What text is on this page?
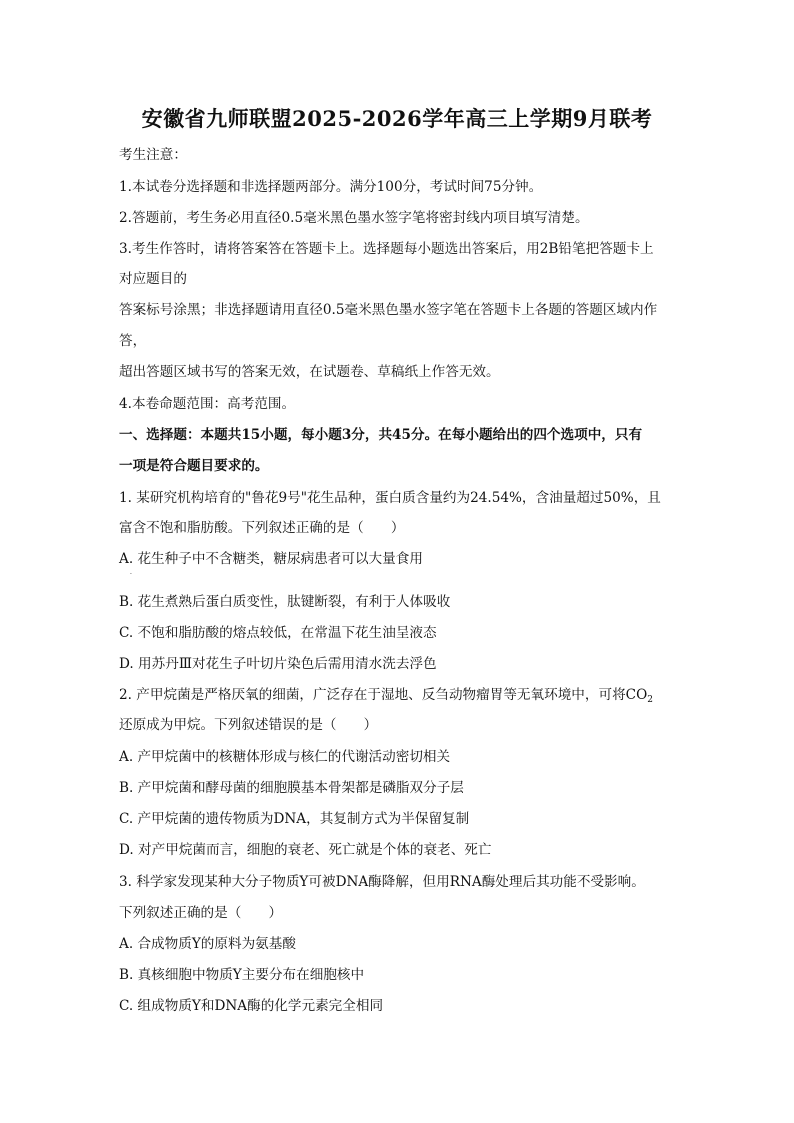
安徽省九师联盟2025-2026学年高三上学期9月联考
考生注意：
1.本试卷分选择题和非选择题两部分。满分100分，考试时间75分钟。
2.答题前，考生务必用直径0.5毫米黑色墨水签字笔将密封线内项目填写清楚。
3.考生作答时，请将答案答在答题卡上。选择题每小题选出答案后，用2B铅笔把答题卡上
对应题目的
答案标号涂黑；非选择题请用直径0.5毫米黑色墨水签字笔在答题卡上各题的答题区域内作
答，
超出答题区域书写的答案无效，在试题卷、草稿纸上作答无效。
4.本卷命题范围：高考范围。
一、选择题：本题共15小题，每小题3分，共45分。在每小题给出的四个选项中，只有
一项是符合题目要求的。
1. 某研究机构培育的"鲁花9号"花生品种，蛋白质含量约为24.54%，含油量超过50%，且
富含不饱和脂肪酸。下列叙述正确的是（　　）
A. 花生种子中不含糖类，糖尿病患者可以大量食用
·
B. 花生煮熟后蛋白质变性，肽键断裂，有利于人体吸收
C. 不饱和脂肪酸的熔点较低，在常温下花生油呈液态
D. 用苏丹Ⅲ对花生子叶切片染色后需用清水洗去浮色
2. 产甲烷菌是严格厌氧的细菌，广泛存在于湿地、反刍动物瘤胃等无氧环境中，可将$CO_2$
还原成为甲烷。下列叙述错误的是（　　）
A. 产甲烷菌中的核糖体形成与核仁的代谢活动密切相关
B. 产甲烷菌和酵母菌的细胞膜基本骨架都是磷脂双分子层
C. 产甲烷菌的遗传物质为DNA，其复制方式为半保留复制
D. 对产甲烷菌而言，细胞的衰老、死亡就是个体的衰老、死亡
3. 科学家发现某种大分子物质Y可被DNA酶降解，但用RNA酶处理后其功能不受影响。
下列叙述正确的是（　　）
A. 合成物质Y的原料为氨基酸
B. 真核细胞中物质Y主要分布在细胞核中
C. 组成物质Y和DNA酶的化学元素完全相同
